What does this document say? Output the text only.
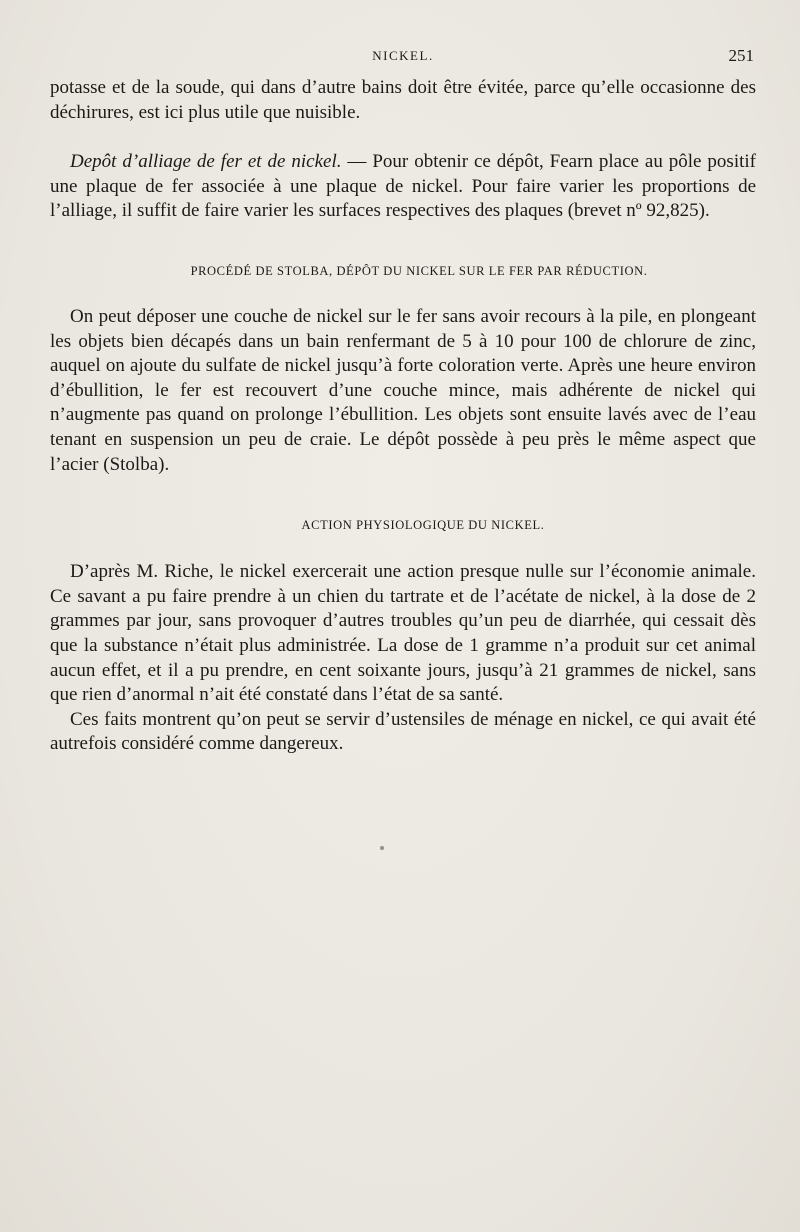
NICKEL.	251

potasse et de la soude, qui dans d’autre bains doit être évitée, parce qu’elle occasionne des déchirures, est ici plus utile que nuisible.

Depôt d’alliage de fer et de nickel. — Pour obtenir ce dépôt, Fearn place au pôle positif une plaque de fer associée à une plaque de nickel. Pour faire varier les proportions de l’alliage, il suffit de faire varier les surfaces respectives des plaques (brevet nº 92,825).

PROCÉDÉ DE STOLBA, DÉPÔT DU NICKEL SUR LE FER PAR RÉDUCTION.

On peut déposer une couche de nickel sur le fer sans avoir recours à la pile, en plongeant les objets bien décapés dans un bain renfermant de 5 à 10 pour 100 de chlorure de zinc, auquel on ajoute du sulfate de nickel jusqu’à forte coloration verte. Après une heure environ d’ébullition, le fer est recouvert d’une couche mince, mais adhérente de nickel qui n’augmente pas quand on prolonge l’ébullition. Les objets sont ensuite lavés avec de l’eau tenant en suspension un peu de craie. Le dépôt possède à peu près le même aspect que l’acier (Stolba).

ACTION PHYSIOLOGIQUE DU NICKEL.

D’après M. Riche, le nickel exercerait une action presque nulle sur l’économie animale. Ce savant a pu faire prendre à un chien du tartrate et de l’acétate de nickel, à la dose de 2 grammes par jour, sans provoquer d’autres troubles qu’un peu de diarrhée, qui cessait dès que la substance n’était plus administrée. La dose de 1 gramme n’a produit sur cet animal aucun effet, et il a pu prendre, en cent soixante jours, jusqu’à 21 grammes de nickel, sans que rien d’anormal n’ait été constaté dans l’état de sa santé.

Ces faits montrent qu’on peut se servir d’ustensiles de ménage en nickel, ce qui avait été autrefois considéré comme dangereux.
